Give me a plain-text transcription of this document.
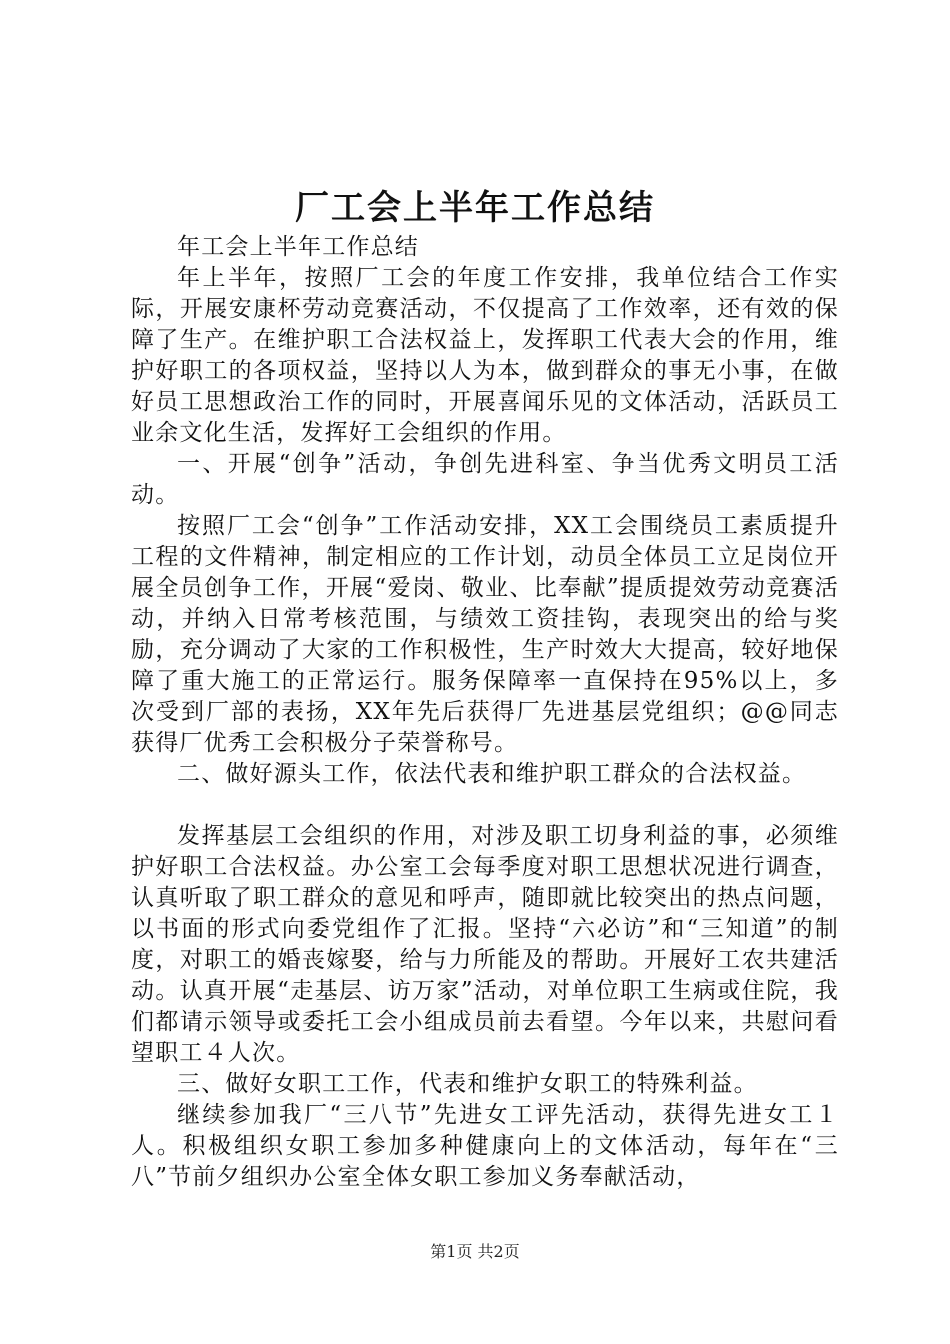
厂工会上半年工作总结

年工会上半年工作总结

年上半年，按照厂工会的年度工作安排，我单位结合工作实际，开展安康杯劳动竞赛活动，不仅提高了工作效率，还有效的保障了生产。在维护职工合法权益上，发挥职工代表大会的作用，维护好职工的各项权益，坚持以人为本，做到群众的事无小事，在做好员工思想政治工作的同时，开展喜闻乐见的文体活动，活跃员工业余文化生活，发挥好工会组织的作用。

一、开展“创争”活动，争创先进科室、争当优秀文明员工活动。

按照厂工会“创争”工作活动安排，XX工会围绕员工素质提升工程的文件精神，制定相应的工作计划，动员全体员工立足岗位开展全员创争工作，开展“爱岗、敬业、比奉献”提质提效劳动竞赛活动，并纳入日常考核范围，与绩效工资挂钩，表现突出的给与奖励，充分调动了大家的工作积极性，生产时效大大提高，较好地保障了重大施工的正常运行。服务保障率一直保持在95%以上，多次受到厂部的表扬，XX年先后获得厂先进基层党组织；@@同志获得厂优秀工会积极分子荣誉称号。

二、做好源头工作，依法代表和维护职工群众的合法权益。

发挥基层工会组织的作用，对涉及职工切身利益的事，必须维护好职工合法权益。办公室工会每季度对职工思想状况进行调查，认真听取了职工群众的意见和呼声，随即就比较突出的热点问题，以书面的形式向委党组作了汇报。坚持“六必访”和“三知道”的制度，对职工的婚丧嫁娶，给与力所能及的帮助。开展好工农共建活动。认真开展“走基层、访万家”活动，对单位职工生病或住院，我们都请示领导或委托工会小组成员前去看望。今年以来，共慰问看望职工４人次。

三、做好女职工工作，代表和维护女职工的特殊利益。

继续参加我厂“三八节”先进女工评先活动，获得先进女工１人。积极组织女职工参加多种健康向上的文体活动，每年在“三八”节前夕组织办公室全体女职工参加义务奉献活动，

第1页 共2页
